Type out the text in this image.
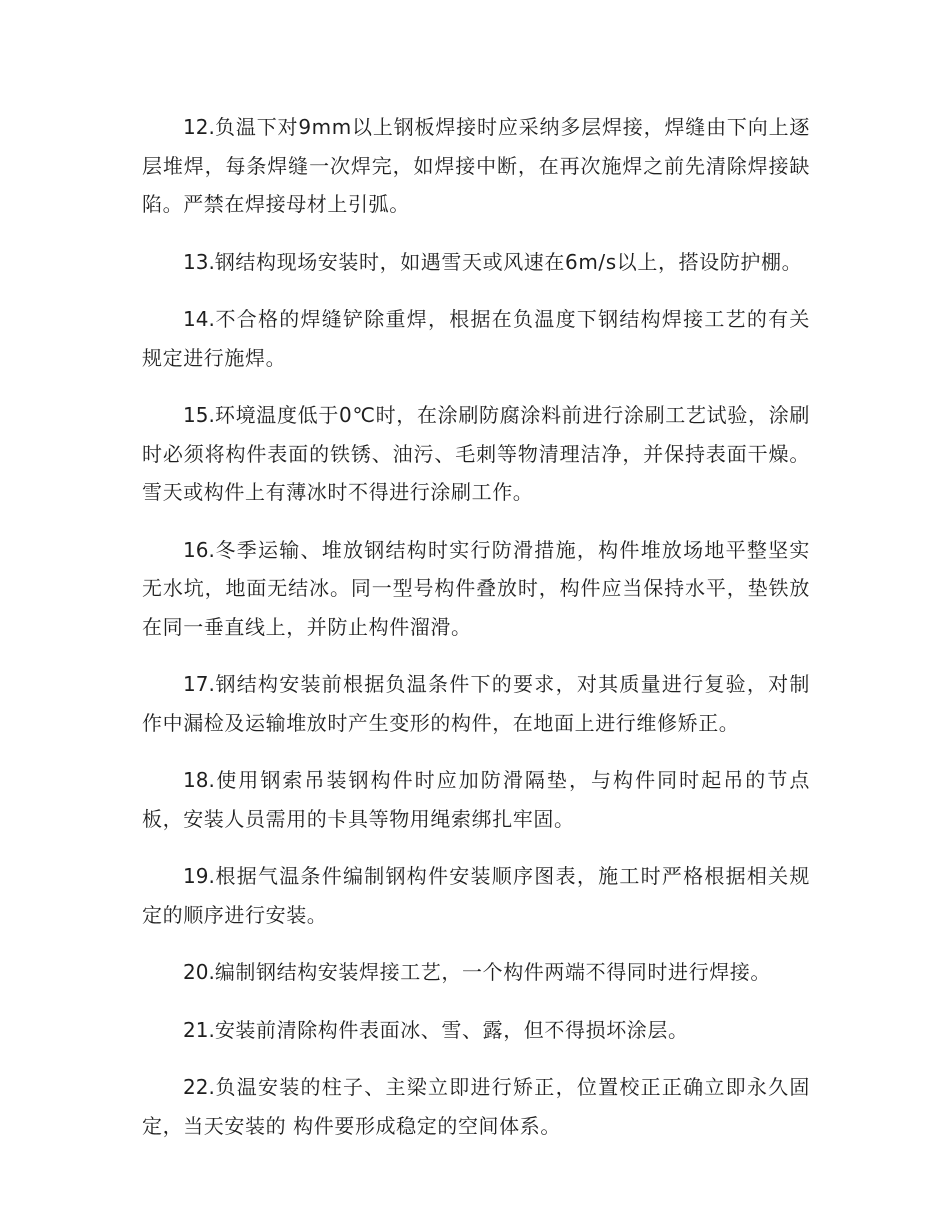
12.负温下对9mm以上钢板焊接时应采纳多层焊接，焊缝由下向上逐层堆焊，每条焊缝一次焊完，如焊接中断，在再次施焊之前先清除焊接缺陷。严禁在焊接母材上引弧。

13.钢结构现场安装时，如遇雪天或风速在6m/s以上，搭设防护棚。

14.不合格的焊缝铲除重焊，根据在负温度下钢结构焊接工艺的有关规定进行施焊。

15.环境温度低于0℃时，在涂刷防腐涂料前进行涂刷工艺试验，涂刷时必须将构件表面的铁锈、油污、毛刺等物清理洁净，并保持表面干燥。雪天或构件上有薄冰时不得进行涂刷工作。

16.冬季运输、堆放钢结构时实行防滑措施，构件堆放场地平整坚实无水坑，地面无结冰。同一型号构件叠放时，构件应当保持水平，垫铁放在同一垂直线上，并防止构件溜滑。

17.钢结构安装前根据负温条件下的要求，对其质量进行复验，对制作中漏检及运输堆放时产生变形的构件，在地面上进行维修矫正。

18.使用钢索吊装钢构件时应加防滑隔垫，与构件同时起吊的节点板，安装人员需用的卡具等物用绳索绑扎牢固。

19.根据气温条件编制钢构件安装顺序图表，施工时严格根据相关规定的顺序进行安装。

20.编制钢结构安装焊接工艺，一个构件两端不得同时进行焊接。

21.安装前清除构件表面冰、雪、露，但不得损坏涂层。

22.负温安装的柱子、主梁立即进行矫正，位置校正正确立即永久固定，当天安装的 构件要形成稳定的空间体系。
